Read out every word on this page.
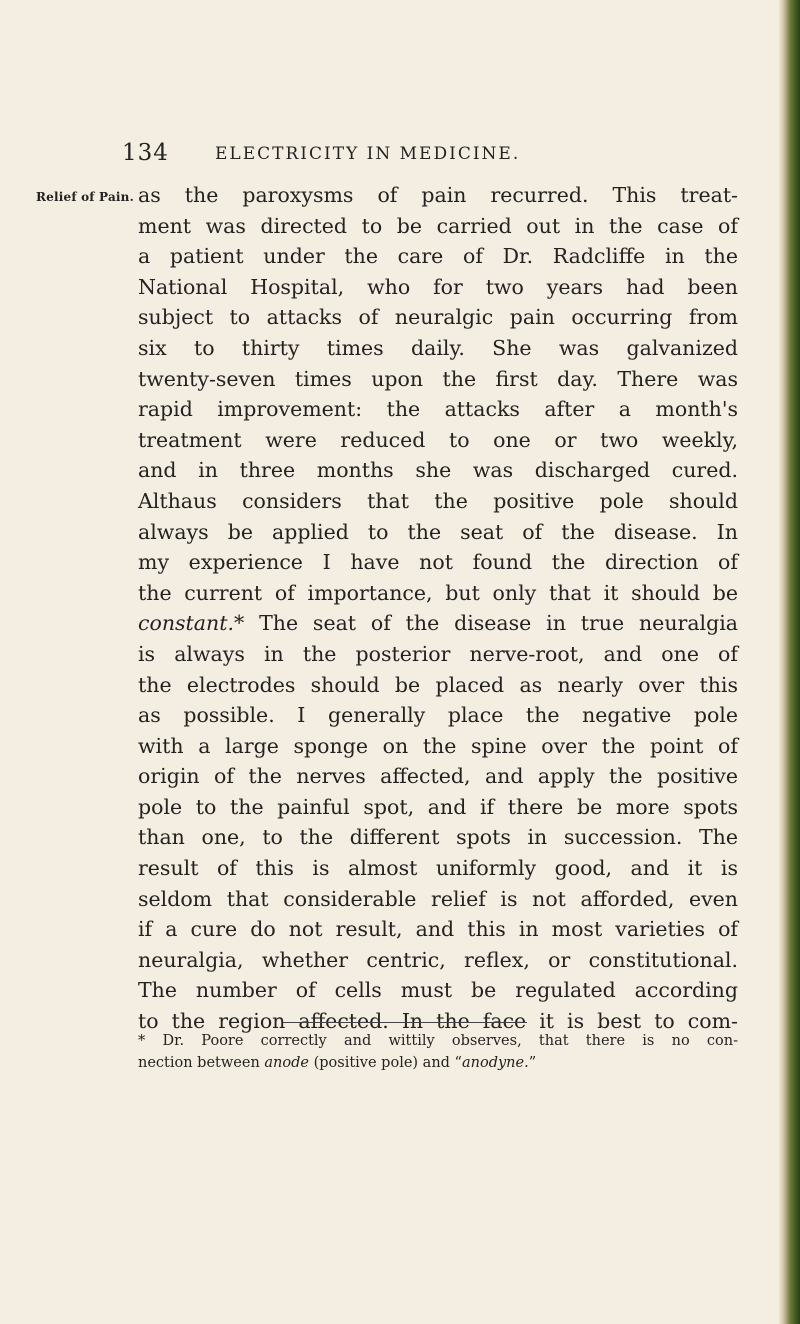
134	ELECTRICITY IN MEDICINE.
Relief of Pain. as the paroxysms of pain recurred. This treat-
ment was directed to be carried out in the case of
a patient under the care of Dr. Radcliffe in the
National Hospital, who for two years had been
subject to attacks of neuralgic pain occurring from
six to thirty times daily. She was galvanized
twenty-seven times upon the first day. There was
rapid improvement: the attacks after a month's
treatment were reduced to one or two weekly,
and in three months she was discharged cured.
Althaus considers that the positive pole should
always be applied to the seat of the disease. In
my experience I have not found the direction of
the current of importance, but only that it should be
constant.* The seat of the disease in true neuralgia
is always in the posterior nerve-root, and one of
the electrodes should be placed as nearly over this
as possible. I generally place the negative pole
with a large sponge on the spine over the point of
origin of the nerves affected, and apply the positive
pole to the painful spot, and if there be more spots
than one, to the different spots in succession. The
result of this is almost uniformly good, and it is
seldom that considerable relief is not afforded, even
if a cure do not result, and this in most varieties of
neuralgia, whether centric, reflex, or constitutional.
The number of cells must be regulated according
to the region affected. In the face it is best to com-
* Dr. Poore correctly and wittily observes, that there is no con-
nection between anode (positive pole) and “anodyne.”
